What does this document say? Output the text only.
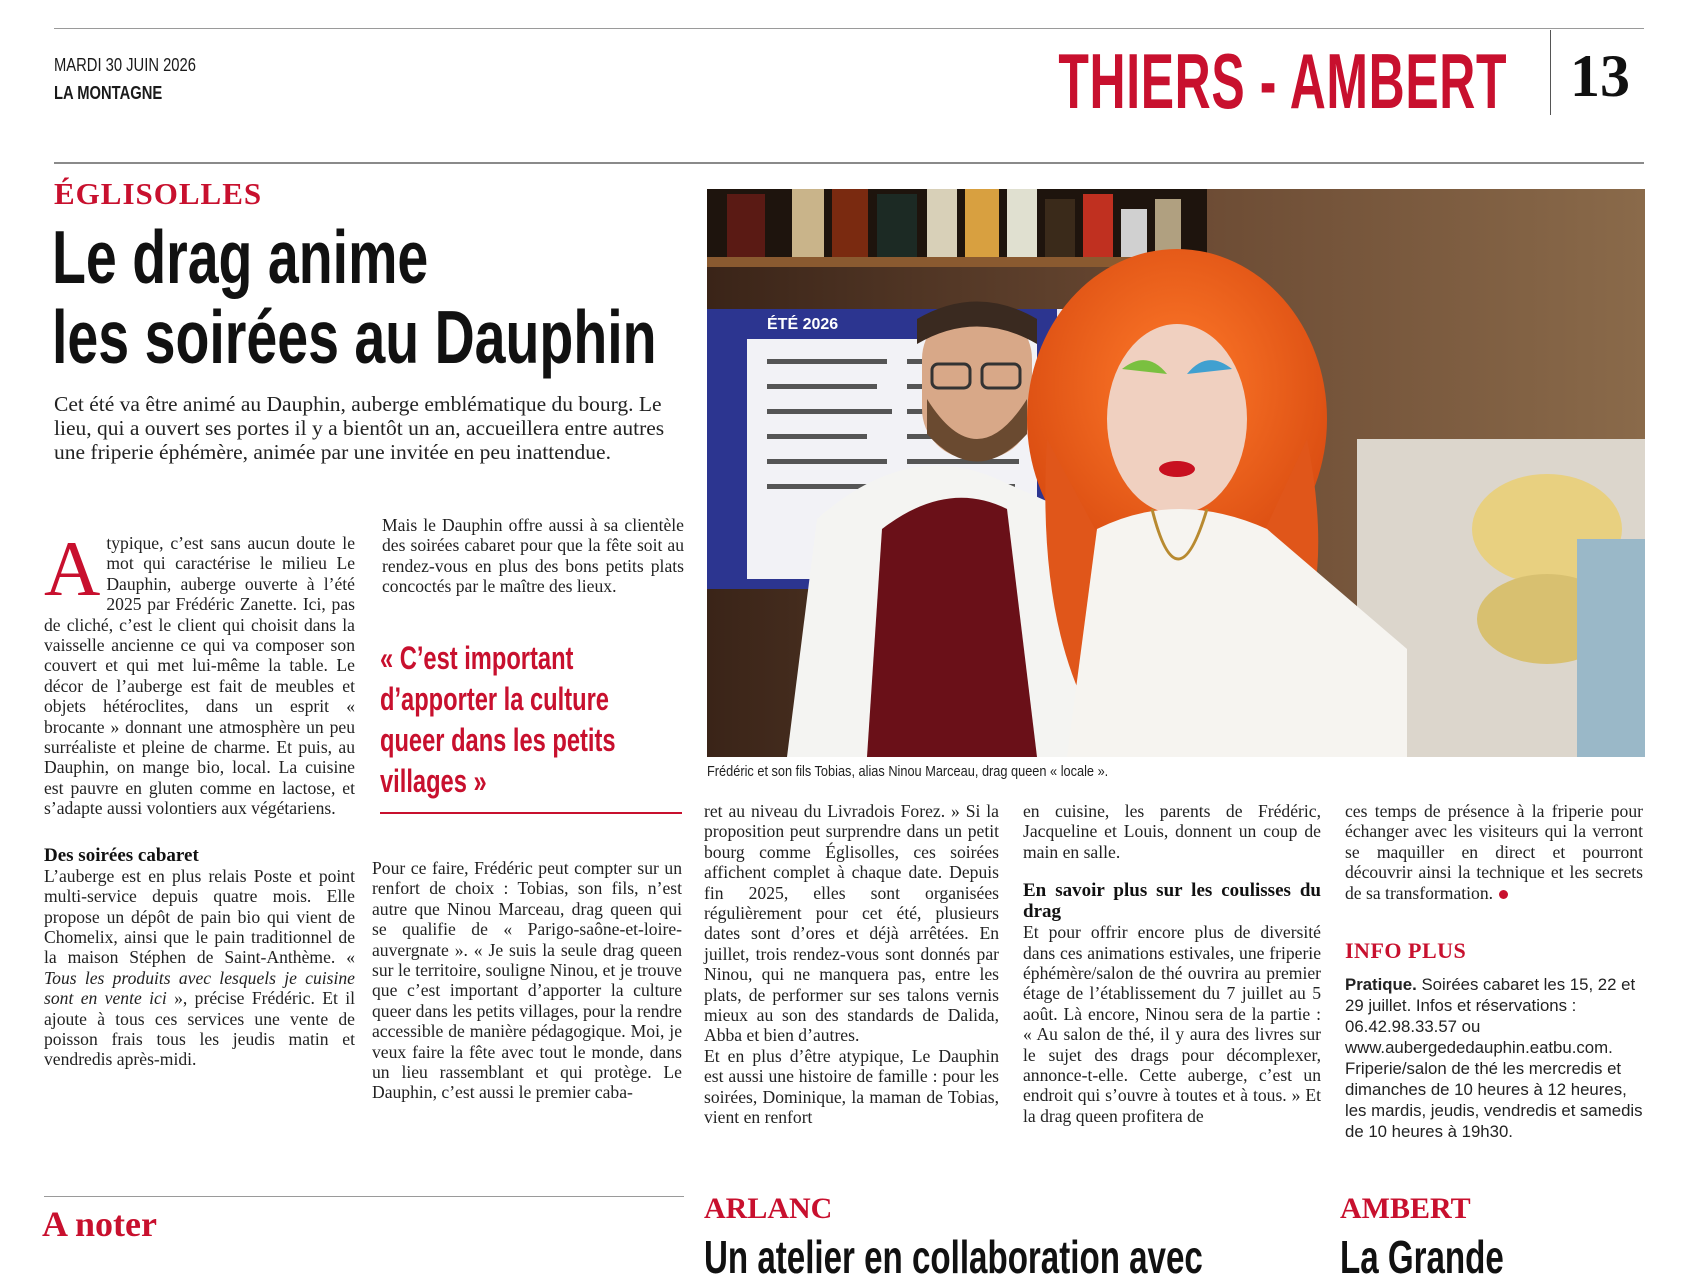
MARDI 30 JUIN 2026
LA MONTAGNE	THIERS - AMBERT 13
ÉGLISOLLES
Le drag anime
les soirées au Dauphin
Cet été va être animé au Dauphin, auberge emblématique du bourg. Le lieu, qui a ouvert ses portes il y a bientôt un an, accueillera entre autres une friperie éphémère, animée par une invitée en peu inattendue.
ÉTÉ 2026
Frédéric et son fils Tobias, alias Ninou Marceau, drag queen « locale ».

Atypique, c’est sans aucun doute le mot qui caractérise le milieu Le Dauphin, auberge ouverte à l’été 2025 par Frédéric Zanette. Ici, pas de cliché, c’est le client qui choisit dans la vaisselle ancienne ce qui va composer son couvert et qui met lui-même la table. Le décor de l’auberge est fait de meubles et objets hétéroclites, dans un esprit « brocante » donnant une atmosphère un peu surréaliste et pleine de charme. Et puis, au Dauphin, on mange bio, local. La cuisine est pauvre en gluten comme en lactose, et s’adapte aussi volontiers aux végétariens.

Des soirées cabaret

L’auberge est en plus relais Poste et point multi-service depuis quatre mois. Elle propose un dépôt de pain bio qui vient de Chomelix, ainsi que le pain traditionnel de la maison Stéphen de Saint-Anthème. « Tous les produits avec lesquels je cuisine sont en vente ici », précise Frédéric. Et il ajoute à tous ces services une vente de poisson frais tous les jeudis matin et vendredis après-midi.

Mais le Dauphin offre aussi à sa clientèle des soirées cabaret pour que la fête soit au rendez-vous en plus des bons petits plats concoctés par le maître des lieux.

« C’est important d’apporter la culture queer dans les petits villages »

Pour ce faire, Frédéric peut compter sur un renfort de choix : Tobias, son fils, n’est autre que Ninou Marceau, drag queen qui se qualifie de « Parigo-saône-et-loire-auvergnate ». « Je suis la seule drag queen sur le territoire, souligne Ninou, et je trouve que c’est important d’apporter la culture queer dans les petits villages, pour la rendre accessible de manière pédagogique. Moi, je veux faire la fête avec tout le monde, dans un lieu rassemblant et qui protège. Le Dauphin, c’est aussi le premier caba-

ret au niveau du Livradois Forez. » Si la proposition peut surprendre dans un petit bourg comme Églisolles, ces soirées affichent complet à chaque date. Depuis fin 2025, elles sont organisées régulièrement pour cet été, plusieurs dates sont d’ores et déjà arrêtées. En juillet, trois rendez-vous sont donnés par Ninou, qui ne manquera pas, entre les plats, de performer sur ses talons vernis mieux au son des standards de Dalida, Abba et bien d’autres.

Et en plus d’être atypique, Le Dauphin est aussi une histoire de famille : pour les soirées, Dominique, la maman de Tobias, vient en renfort

en cuisine, les parents de Frédéric, Jacqueline et Louis, donnent un coup de main en salle.

En savoir plus sur les coulisses du drag

Et pour offrir encore plus de diversité dans ces animations estivales, une friperie éphémère/salon de thé ouvrira au premier étage de l’établissement du 7 juillet au 5 août. Là encore, Ninou sera de la partie : « Au salon de thé, il y aura des livres sur le sujet des drags pour décomplexer, annonce-t-elle. Cette auberge, c’est un endroit qui s’ouvre à toutes et à tous. » Et la drag queen profitera de

ces temps de présence à la friperie pour échanger avec les visiteurs qui la verront se maquiller en direct et pourront découvrir ainsi la technique et les secrets de sa transformation.

INFO PLUS
Pratique. Soirées cabaret les 15, 22 et 29 juillet. Infos et réservations : 06.42.98.33.57 ou www.aubergededauphin.eatbu.com. Friperie/salon de thé les mercredis et dimanches de 10 heures à 12 heures, les mardis, jeudis, vendredis et samedis de 10 heures à 19h30.
A noter	ARLANC
Un atelier en collaboration avec
AMBERT
La Grande
